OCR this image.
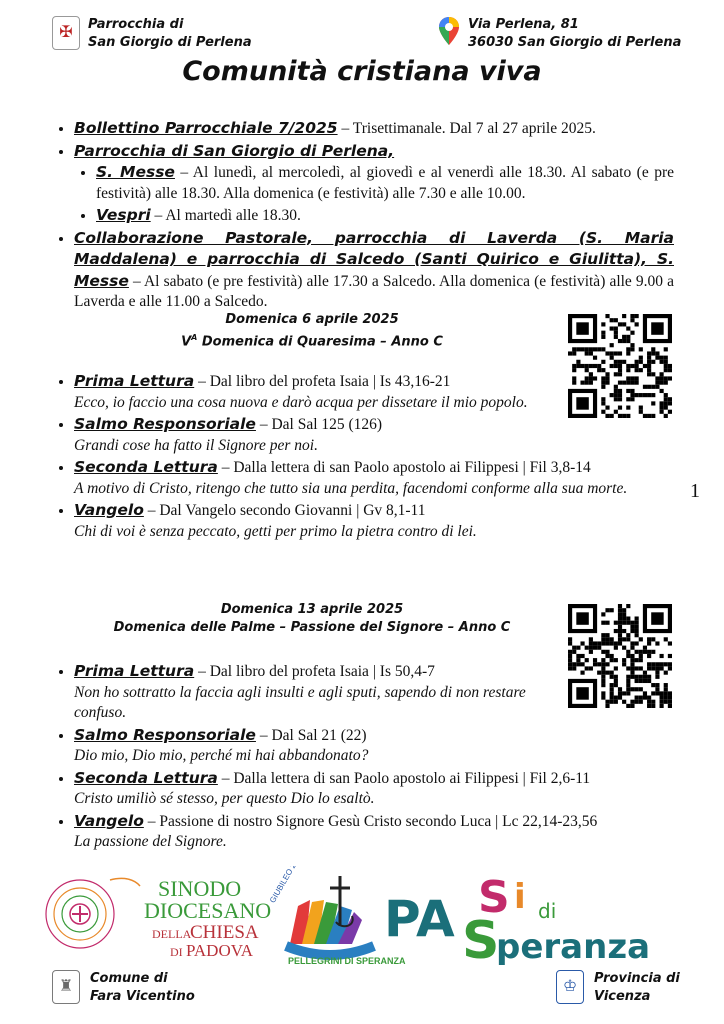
✠	Parrocchia di
San Giorgio di Perlena
Via Perlena, 81
36030 San Giorgio di Perlena
Comunità cristiana viva
• Bollettino Parrocchiale 7/2025 – Trisettimanale. Dal 7 al 27 aprile 2025.
• Parrocchia di San Giorgio di Perlena,
• S. Messe – Al lunedì, al mercoledì, al giovedì e al venerdì alle 18.30. Al sabato (e pre festività) alle 18.30. Alla domenica (e festività) alle 7.30 e alle 10.00.
• Vespri – Al martedì alle 18.30.
• Collaborazione Pastorale, parrocchia di Laverda (S. Maria Maddalena) e parrocchia di Salcedo (Santi Quirico e Giulitta), S. Messe – Al sabato (e pre festività) alle 17.30 a Salcedo. Alla domenica (e festività) alle 9.00 a Laverda e alle 11.00 a Salcedo.

Domenica 6 aprile 2025

$V^A$ Domenica di Quaresima – Anno C

• Prima Lettura – Dal libro del profeta Isaia | Is 43,16-21
Ecco, io faccio una cosa nuova e darò acqua per dissetare il mio popolo.
• Salmo Responsoriale – Dal Sal 125 (126)
Grandi cose ha fatto il Signore per noi.
• Seconda Lettura – Dalla lettera di san Paolo apostolo ai Filippesi | Fil 3,8-14
A motivo di Cristo, ritengo che tutto sia una perdita, facendomi conforme alla sua morte.
• Vangelo – Dal Vangelo secondo Giovanni | Gv 8,1-11
Chi di voi è senza peccato, getti per primo la pietra contro di lei.
1

Domenica 13 aprile 2025

Domenica delle Palme – Passione del Signore – Anno C

• Prima Lettura – Dal libro del profeta Isaia | Is 50,4-7
Non ho sottratto la faccia agli insulti e agli sputi, sapendo di non restare confuso.
• Salmo Responsoriale – Dal Sal 21 (22)
Dio mio, Dio mio, perché mi hai abbandonato?
• Seconda Lettura – Dalla lettera di san Paolo apostolo ai Filippesi | Fil 2,6-11
Cristo umiliò sé stesso, per questo Dio lo esaltò.
• Vangelo – Passione di nostro Signore Gesù Cristo secondo Luca | Lc 22,14-23,56
La passione del Signore.
SINODO
DIOCESANO
DELLA
CHIESA
DI PADOVA
GIUBILEO 2025
PELLEGRINI DI SPERANZA
PA S i di
S
peranza
♜	Comune di
Fara Vicentino
♔	Provincia di
Vicenza
